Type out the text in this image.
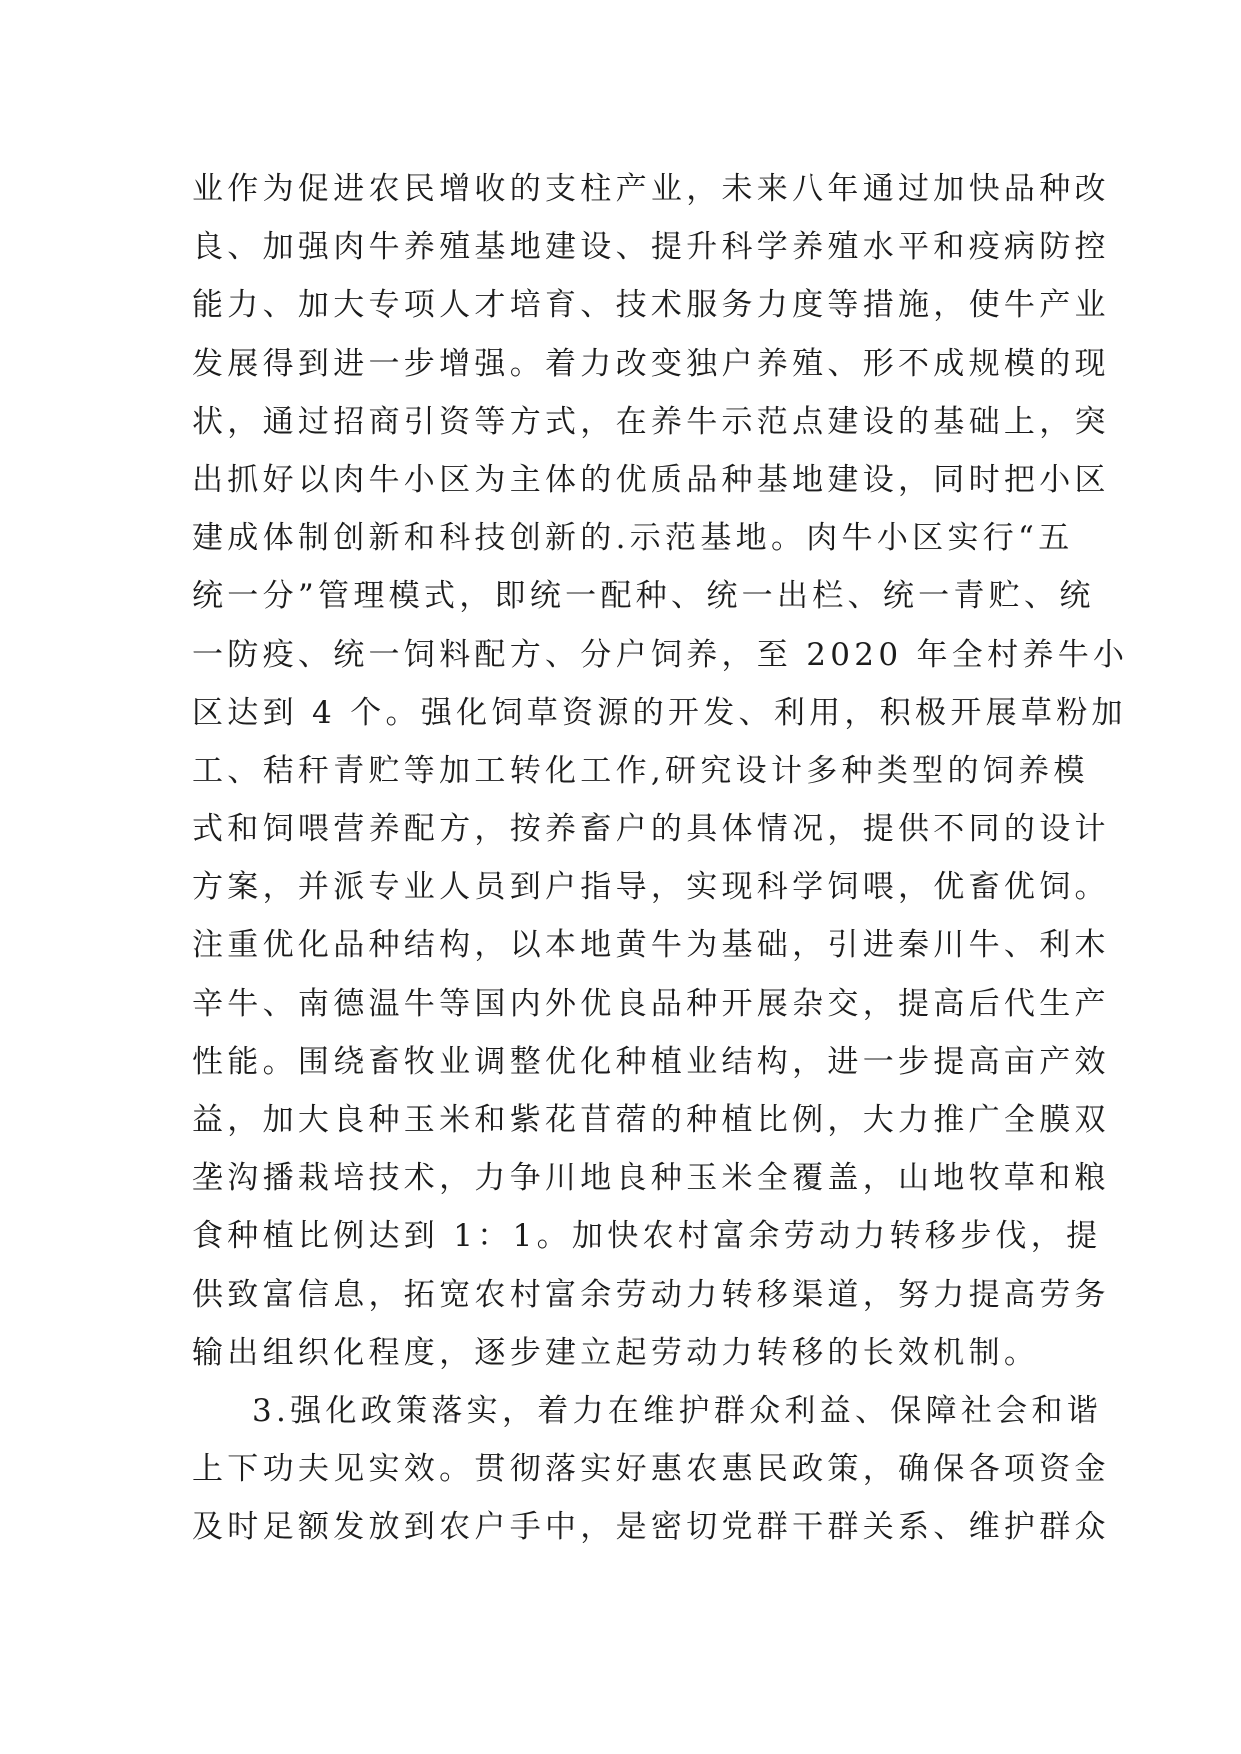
业作为促进农民增收的支柱产业，未来八年通过加快品种改
良、加强肉牛养殖基地建设、提升科学养殖水平和疫病防控
能力、加大专项人才培育、技术服务力度等措施，使牛产业
发展得到进一步增强。着力改变独户养殖、形不成规模的现
状，通过招商引资等方式，在养牛示范点建设的基础上，突
出抓好以肉牛小区为主体的优质品种基地建设，同时把小区
建成体制创新和科技创新的.示范基地。肉牛小区实行“五
统一分”管理模式，即统一配种、统一出栏、统一青贮、统
一防疫、统一饲料配方、分户饲养，至 2020 年全村养牛小
区达到 4 个。强化饲草资源的开发、利用，积极开展草粉加
工、秸秆青贮等加工转化工作,研究设计多种类型的饲养模
式和饲喂营养配方，按养畜户的具体情况，提供不同的设计
方案，并派专业人员到户指导，实现科学饲喂，优畜优饲。
注重优化品种结构，以本地黄牛为基础，引进秦川牛、利木
辛牛、南德温牛等国内外优良品种开展杂交，提高后代生产
性能。围绕畜牧业调整优化种植业结构，进一步提高亩产效
益，加大良种玉米和紫花苜蓿的种植比例，大力推广全膜双
垄沟播栽培技术，力争川地良种玉米全覆盖，山地牧草和粮
食种植比例达到 1：1。加快农村富余劳动力转移步伐，提
供致富信息，拓宽农村富余劳动力转移渠道，努力提高劳务
输出组织化程度，逐步建立起劳动力转移的长效机制。
3.强化政策落实，着力在维护群众利益、保障社会和谐
上下功夫见实效。贯彻落实好惠农惠民政策，确保各项资金
及时足额发放到农户手中，是密切党群干群关系、维护群众
